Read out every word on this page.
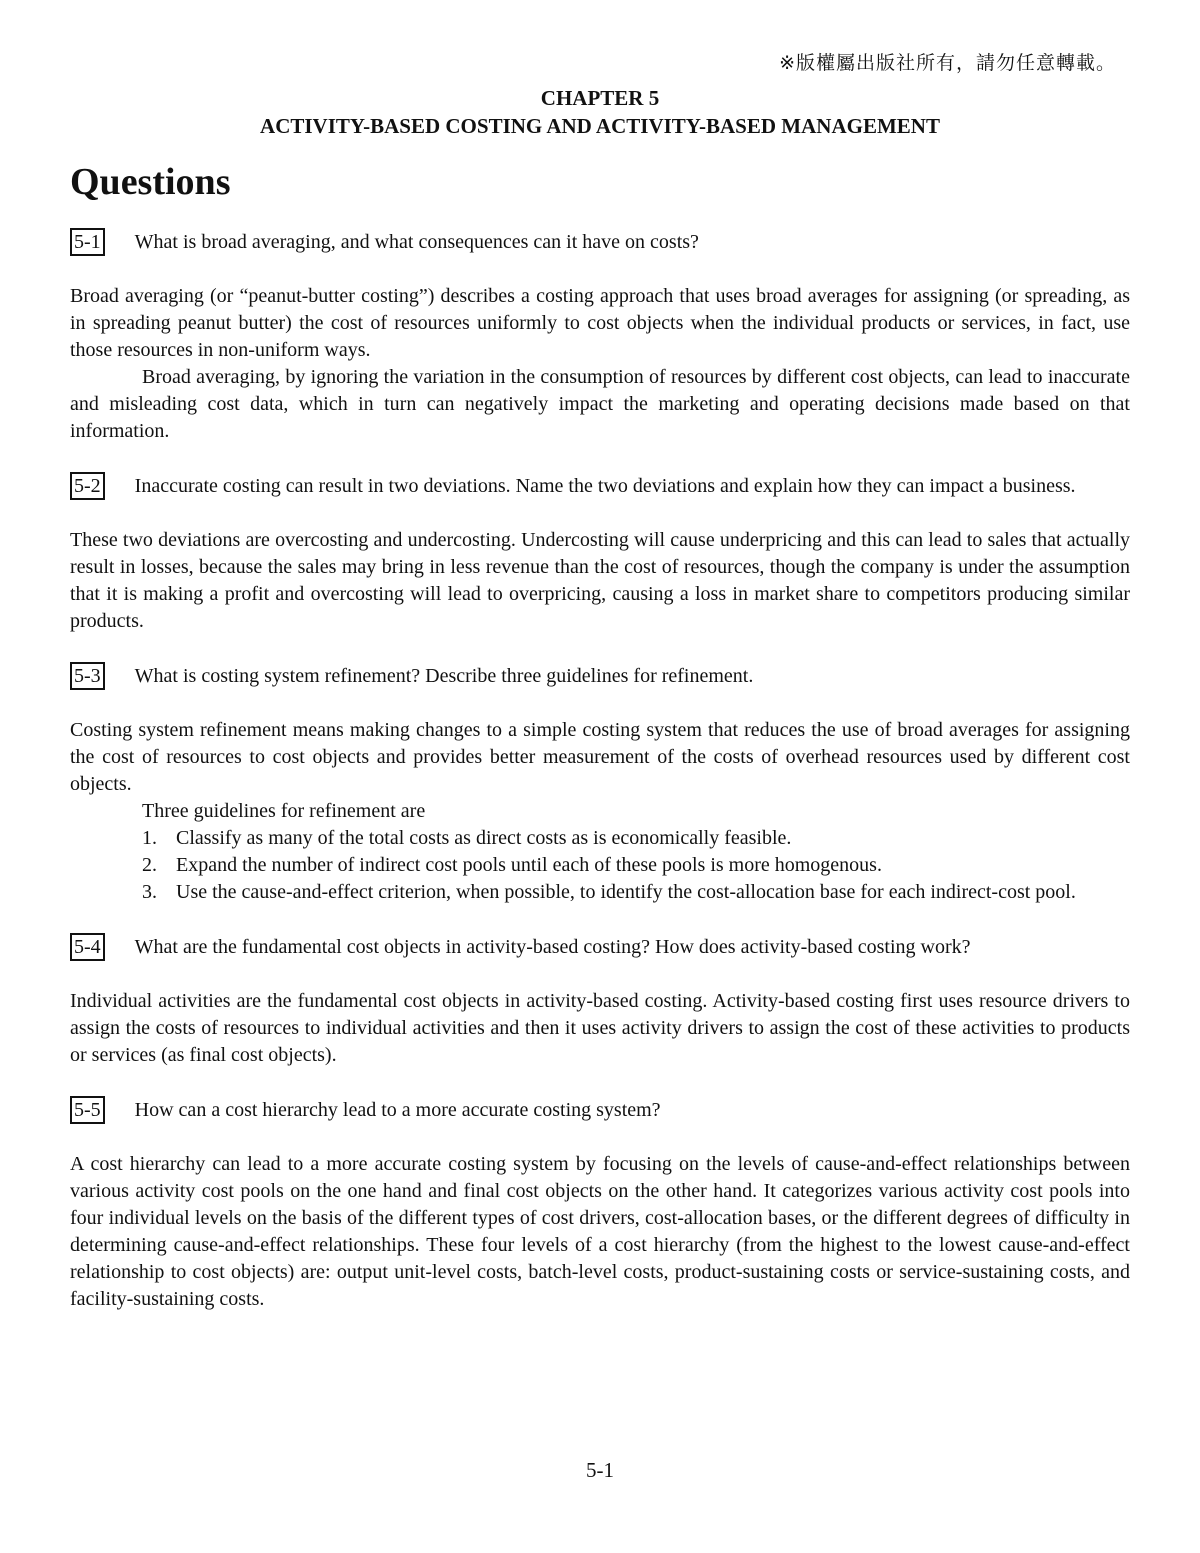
※版權屬出版社所有，請勿任意轉載。
CHAPTER 5
ACTIVITY-BASED COSTING AND ACTIVITY-BASED MANAGEMENT
Questions

5-1 What is broad averaging, and what consequences can it have on costs?

Broad averaging (or “peanut-butter costing”) describes a costing approach that uses broad averages for assigning (or spreading, as in spreading peanut butter) the cost of resources uniformly to cost objects when the individual products or services, in fact, use those resources in non-uniform ways.

Broad averaging, by ignoring the variation in the consumption of resources by different cost objects, can lead to inaccurate and misleading cost data, which in turn can negatively impact the marketing and operating decisions made based on that information.

5-2 Inaccurate costing can result in two deviations. Name the two deviations and explain how they can impact a business.

These two deviations are overcosting and undercosting. Undercosting will cause underpricing and this can lead to sales that actually result in losses, because the sales may bring in less revenue than the cost of resources, though the company is under the assumption that it is making a profit and overcosting will lead to overpricing, causing a loss in market share to competitors producing similar products.

5-3 What is costing system refinement? Describe three guidelines for refinement.

Costing system refinement means making changes to a simple costing system that reduces the use of broad averages for assigning the cost of resources to cost objects and provides better measurement of the costs of overhead resources used by different cost objects.

Three guidelines for refinement are

1. Classify as many of the total costs as direct costs as is economically feasible.
2. Expand the number of indirect cost pools until each of these pools is more homogenous.
3. Use the cause-and-effect criterion, when possible, to identify the cost-allocation base for each indirect-cost pool.

5-4 What are the fundamental cost objects in activity-based costing? How does activity-based costing work?

Individual activities are the fundamental cost objects in activity-based costing. Activity-based costing first uses resource drivers to assign the costs of resources to individual activities and then it uses activity drivers to assign the cost of these activities to products or services (as final cost objects).

5-5 How can a cost hierarchy lead to a more accurate costing system?

A cost hierarchy can lead to a more accurate costing system by focusing on the levels of cause-and-effect relationships between various activity cost pools on the one hand and final cost objects on the other hand. It categorizes various activity cost pools into four individual levels on the basis of the different types of cost drivers, cost-allocation bases, or the different degrees of difficulty in determining cause-and-effect relationships. These four levels of a cost hierarchy (from the highest to the lowest cause-and-effect relationship to cost objects) are: output unit-level costs, batch-level costs, product-sustaining costs or service-sustaining costs, and facility-sustaining costs.

5-1
